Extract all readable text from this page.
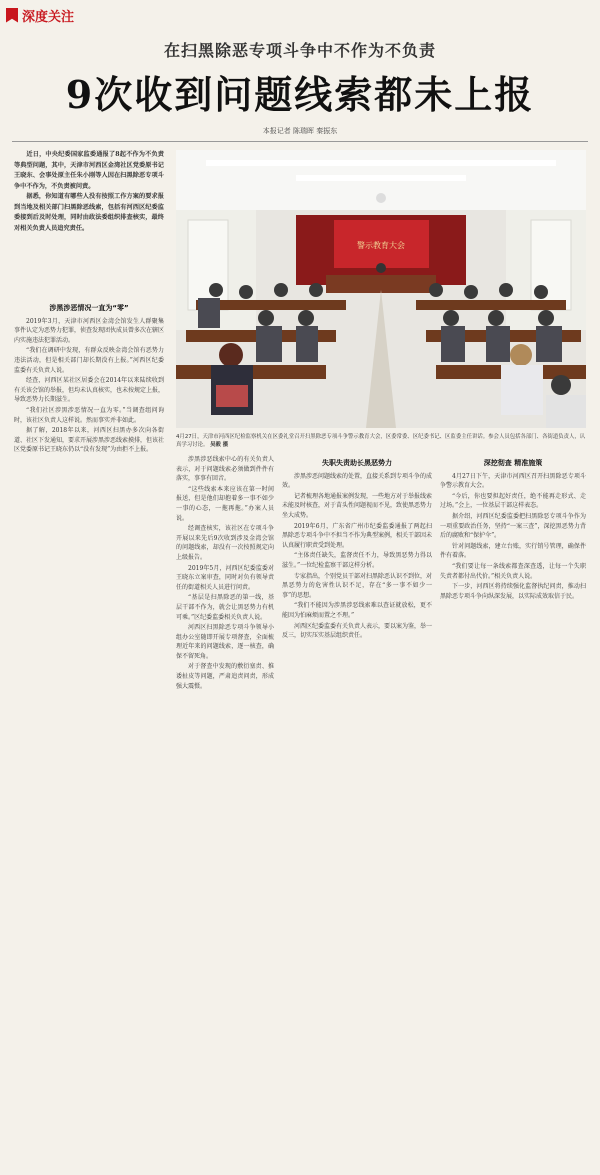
深度关注
在扫黑除恶专项斗争中不作为不负责
9次收到问题线索都未上报
本报记者 陈瑞晖 秦振东

近日，中央纪委国家监委通报了8起不作为不负责等典型问题，其中，天津市河西区金湾社区党委原书记王晓东、会事处原主任朱小刚等人因在扫黑除恶专项斗争中不作为，不负责被问责。

据悉，你知道有哪些人没有按照工作方案的要求报到当地及相关部门扫黑除恶线索，包括有河西区纪委监委接到后及时处理，同时由政法委组织排查核实，最终对相关负责人员追究责任。

警示教育大会
4月27日，天津市河西区纪检监察机关在区委礼堂召开扫黑除恶专项斗争警示教育大会，区委常委、区纪委书记、区监委主任讲话。参会人员包括各部门、各街道负责人，认真学习讨论。 吴毅 摄
涉黑涉恶情况一直为“零”

2019年3月，天津市河西区金湾会馆发生人群聚集事件认定为恶势力犯罪，侦查发现团伙成员曾多次在辖区内实施违法犯罪活动。

“我们在调研中发现，有群众反映金湾会馆有恶势力违法活动，但是相关部门却长期没有上报。”河西区纪委监委有关负责人说。

经查，河西区某社区居委会在2014年以来陆续收到有关该会馆的举报，但均未认真核实，也未按规定上报，导致恶势力长期滋生。

“我们社区涉黑涉恶情况一直为零。”当调查组问询时，该社区负责人这样说。然而事实并非如此。

据了解，2018年以来，河西区扫黑办多次向各街道、社区下发通知，要求开展涉黑涉恶线索摸排，但该社区党委原书记王晓东仍以“没有发现”为由拒不上报。

涉黑涉恶线索中心的有关负责人表示，对于问题线索必须做到件件有落实，事事有回音。

“这些线索本来应该在第一时间报送，但是他们却抱着多一事不如少一事的心态，一拖再拖。”办案人员说。

经调查核实，该社区在专项斗争开展以来先后9次收到涉及金湾会馆的问题线索，却没有一次按照规定向上级报告。

2019年5月，河西区纪委监委对王晓东立案审查，同时对负有领导责任的街道相关人员进行问责。

“基层是扫黑除恶的第一线，基层干部不作为，就会让黑恶势力有机可乘。”区纪委监委相关负责人说。

河西区扫黑除恶专项斗争领导小组办公室随即开展专项督查，全面梳理近年来的问题线索，逐一核查，确保不留死角。

对于督查中发现的敷衍塞责、推诿扯皮等问题，严肃追责问责，形成强大震慑。

失职失责助长黑恶势力

涉黑涉恶问题线索的处置，直接关系到专项斗争的成效。

记者梳理各地通报案例发现，一些地方对于举报线索未能及时核查，对于苗头性问题视而不见，致使黑恶势力坐大成势。

2019年6月，广东省广州市纪委监委通报了两起扫黑除恶专项斗争中不担当不作为典型案例，相关干部因未认真履行职责受到处理。

“主体责任缺失，监督责任不力，导致黑恶势力得以滋生。”一位纪检监察干部这样分析。

专家指出，个别党员干部对扫黑除恶认识不到位，对黑恶势力的危害性认识不足，存在“多一事不如少一事”的思想。

“我们不能因为涉黑涉恶线索难以查证就放松，更不能因为怕麻烦而置之不理。”

河西区纪委监委有关负责人表示，要以案为鉴，举一反三，切实压实基层组织责任。

深挖彻查 精准施策

4月27日下午，天津市河西区召开扫黑除恶专项斗争警示教育大会。

“今后，你也要担起好责任，绝不能再走形式、走过场。”会上，一位基层干部这样表态。

据介绍，河西区纪委监委把扫黑除恶专项斗争作为一项重要政治任务，坚持“一案三查”，深挖黑恶势力背后的腐败和“保护伞”。

针对问题线索，建立台账，实行销号管理，确保件件有着落。

“我们要让每一条线索都查深查透，让每一个失职失责者都付出代价。”相关负责人说。

下一步，河西区将持续强化监督执纪问责，推动扫黑除恶专项斗争向纵深发展，以实际成效取信于民。
